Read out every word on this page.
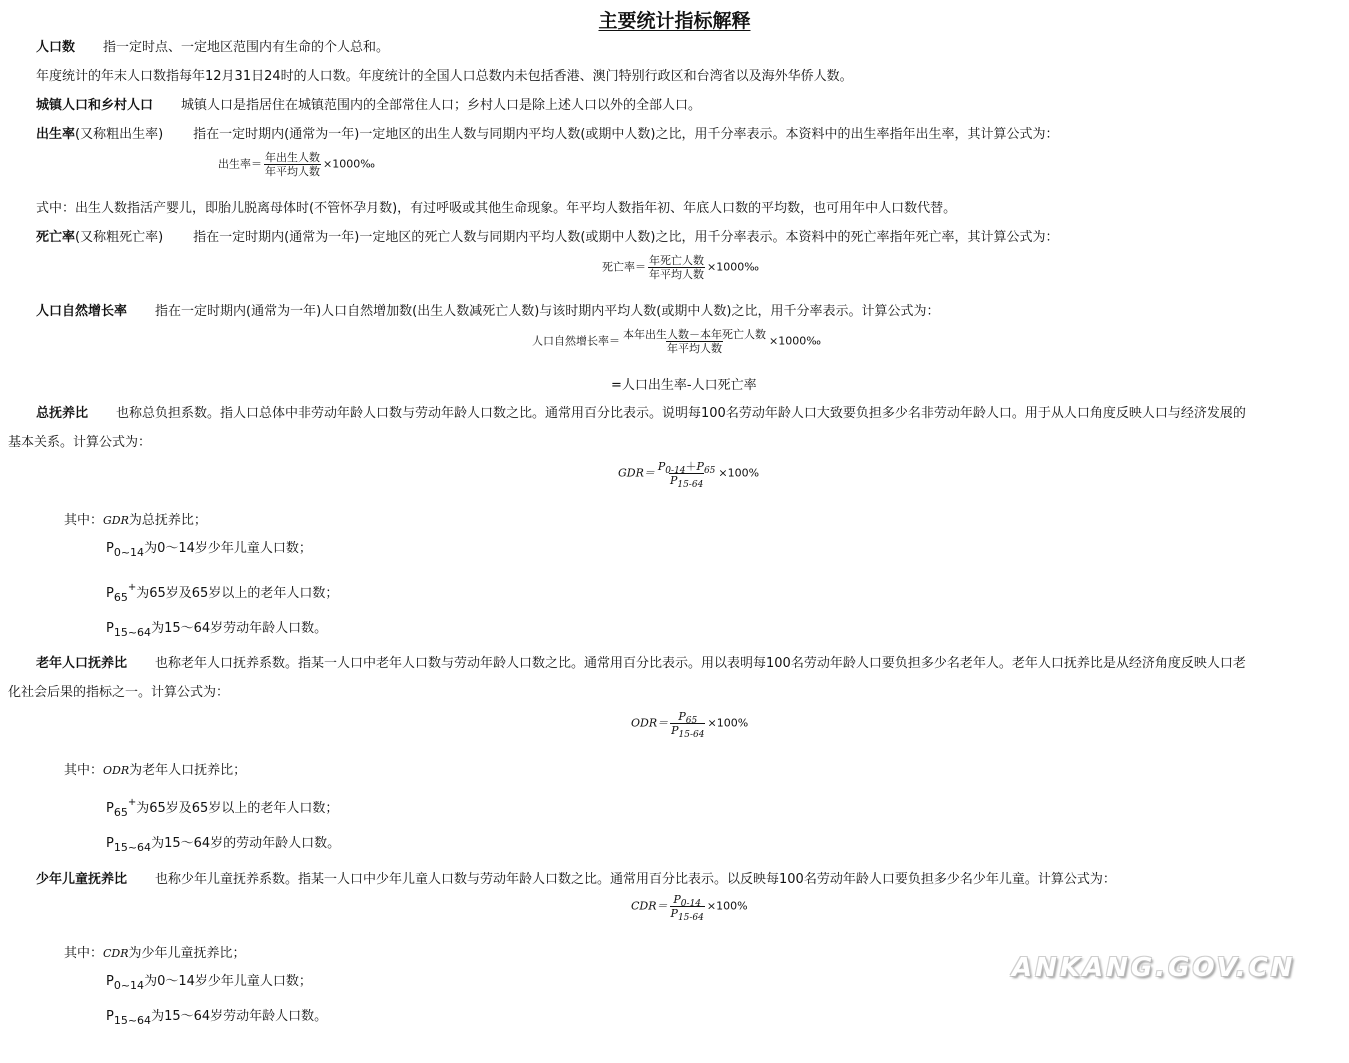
主要统计指标解释
人口数 指一定时点、一定地区范围内有生命的个人总和。
年度统计的年末人口数指每年12月31日24时的人口数。年度统计的全国人口总数内未包括香港、澳门特别行政区和台湾省以及海外华侨人数。
城镇人口和乡村人口 城镇人口是指居住在城镇范围内的全部常住人口；乡村人口是除上述人口以外的全部人口。
出生率(又称粗出生率) 指在一定时期内(通常为一年)一定地区的出生人数与同期内平均人数(或期中人数)之比，用千分率表示。本资料中的出生率指年出生率，其计算公式为：
出生率＝ $\frac{\text{年出生人数}}{\text{年平均人数}}$ ×1000‰
式中：出生人数指活产婴儿，即胎儿脱离母体时(不管怀孕月数)，有过呼吸或其他生命现象。年平均人数指年初、年底人口数的平均数，也可用年中人口数代替。
死亡率(又称粗死亡率) 指在一定时期内(通常为一年)一定地区的死亡人数与同期内平均人数(或期中人数)之比，用千分率表示。本资料中的死亡率指年死亡率，其计算公式为：
死亡率＝ $\frac{\text{年死亡人数}}{\text{年平均人数}}$ ×1000‰
人口自然增长率 指在一定时期内(通常为一年)人口自然增加数(出生人数减死亡人数)与该时期内平均人数(或期中人数)之比，用千分率表示。计算公式为：
人口自然增长率＝ $\frac{\text{本年出生人数－本年死亡人数}}{\text{年平均人数}}$ ×1000‰
=人口出生率-人口死亡率
总抚养比 也称总负担系数。指人口总体中非劳动年龄人口数与劳动年龄人口数之比。通常用百分比表示。说明每100名劳动年龄人口大致要负担多少名非劳动年龄人口。用于从人口角度反映人口与经济发展的
基本关系。计算公式为：
$GDR= \frac{P_{0-14}+P_{65}}{P_{15-64}} \times 100\%$
其中：GDR为总抚养比；
$P_{0\sim 14}$为0～14岁少年儿童人口数；
$P_{65}^+$为65岁及65岁以上的老年人口数；
$P_{15\sim 64}$为15～64岁劳动年龄人口数。
老年人口抚养比 也称老年人口抚养系数。指某一人口中老年人口数与劳动年龄人口数之比。通常用百分比表示。用以表明每100名劳动年龄人口要负担多少名老年人。老年人口抚养比是从经济角度反映人口老
化社会后果的指标之一。计算公式为：
$ODR= \frac{P_{65}}{P_{15-64}} \times 100\%$
其中：ODR为老年人口抚养比；
$P_{65}^+$为65岁及65岁以上的老年人口数；
$P_{15\sim 64}$为15～64岁的劳动年龄人口数。
少年儿童抚养比 也称少年儿童抚养系数。指某一人口中少年儿童人口数与劳动年龄人口数之比。通常用百分比表示。以反映每100名劳动年龄人口要负担多少名少年儿童。计算公式为：
$CDR= \frac{P_{0-14}}{P_{15-64}} \times 100\%$
其中：CDR为少年儿童抚养比；
$P_{0\sim 14}$为0～14岁少年儿童人口数；
$P_{15\sim 64}$为15～64岁劳动年龄人口数。
ANKANG.GOV.CN
